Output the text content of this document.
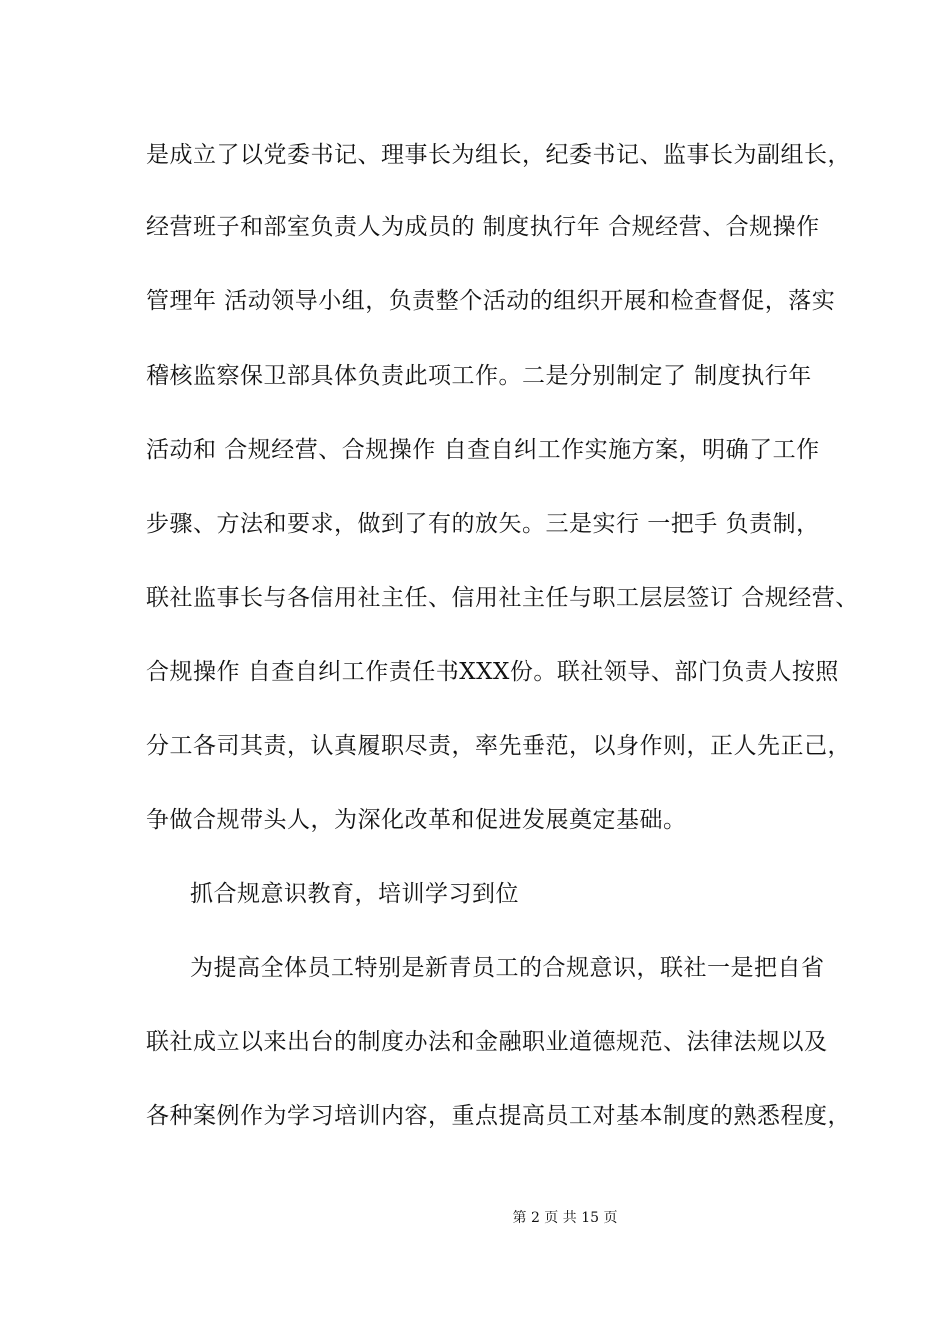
是成立了以党委书记、理事长为组长，纪委书记、监事长为副组长，
经营班子和部室负责人为成员的 制度执行年 合规经营、合规操作
管理年 活动领导小组，负责整个活动的组织开展和检查督促，落实
稽核监察保卫部具体负责此项工作。二是分别制定了 制度执行年
活动和 合规经营、合规操作 自查自纠工作实施方案，明确了工作
步骤、方法和要求，做到了有的放矢。三是实行 一把手 负责制，
联社监事长与各信用社主任、信用社主任与职工层层签订 合规经营、
合规操作 自查自纠工作责任书XXX份。联社领导、部门负责人按照
分工各司其责，认真履职尽责，率先垂范，以身作则，正人先正己，
争做合规带头人，为深化改革和促进发展奠定基础。
抓合规意识教育，培训学习到位
为提高全体员工特别是新青员工的合规意识，联社一是把自省
联社成立以来出台的制度办法和金融职业道德规范、法律法规以及
各种案例作为学习培训内容，重点提高员工对基本制度的熟悉程度，
第 2 页 共 15 页
